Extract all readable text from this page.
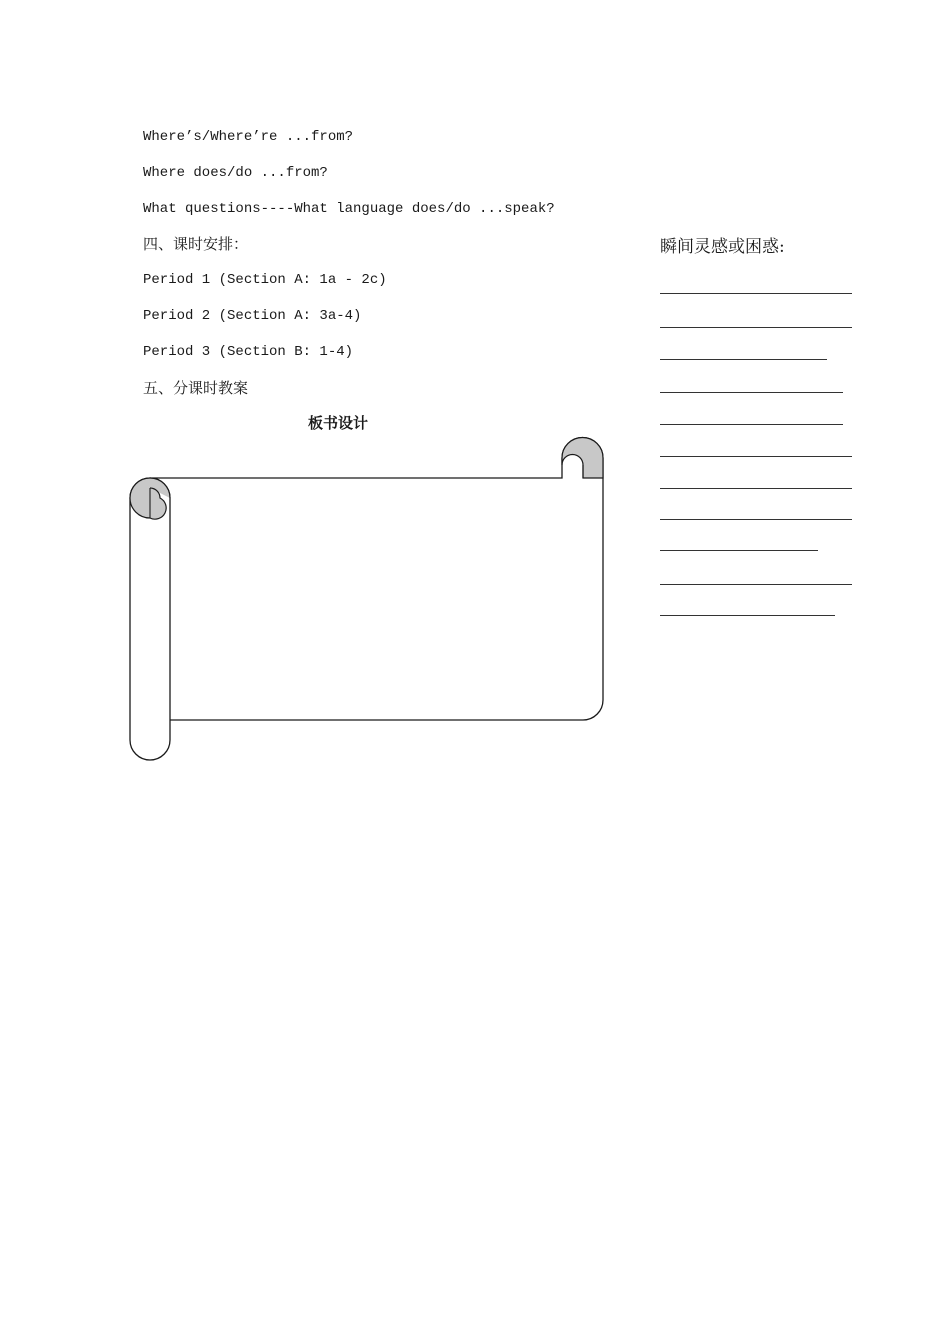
Where’s/Where’re ...from?
Where does/do ...from?
What questions----What language does/do ...speak?
四、课时安排：
Period 1 (Section A: 1a - 2c)
Period 2 (Section A: 3a-4)
Period 3 (Section B: 1-4)
五、分课时教案
板书设计
瞬间灵感或困惑:
